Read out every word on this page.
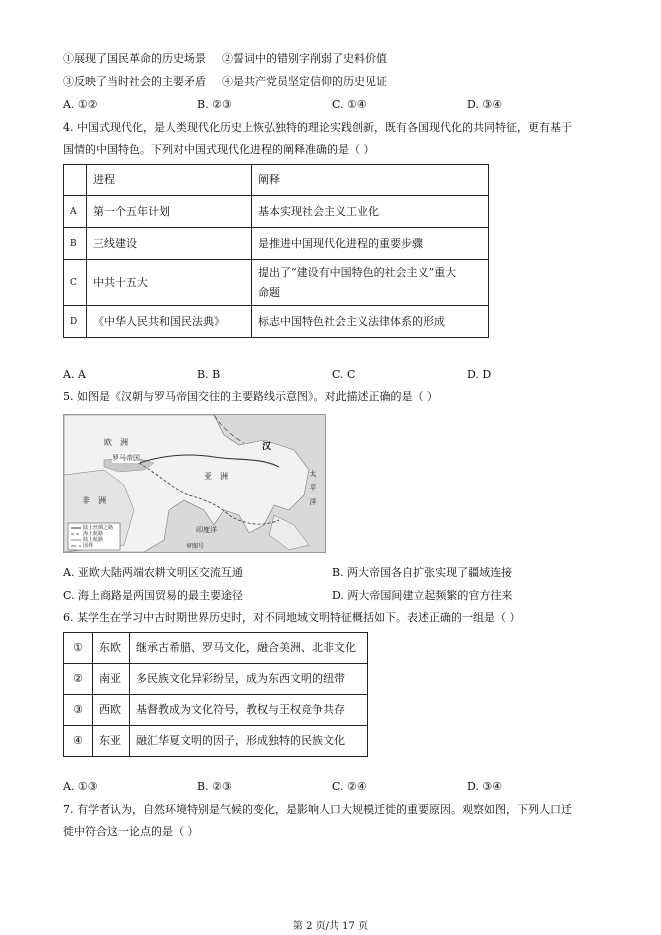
①展现了国民革命的历史场景 ②誓词中的错别字削弱了史料价值
③反映了当时社会的主要矛盾 ④是共产党员坚定信仰的历史见证
A. ①②	B. ②③	C. ①④	D. ③④
4. 中国式现代化，是人类现代化历史上恢弘独特的理论实践创新，既有各国现代化的共同特征，更有基于
国情的中国特色。下列对中国式现代化进程的阐释准确的是（ ）
	进程	阐释
A	第一个五年计划	基本实现社会主义工业化
B	三线建设	是推进中国现代化进程的重要步骤
C	中共十五大	提出了“建设有中国特色的社会主义”重大
命题

D	《中华人民共和国民法典》	标志中国特色社会主义法律体系的形成
A. A	B. B	C. C	D. D
5. 如图是《汉朝与罗马帝国交往的主要路线示意图》。对此描述正确的是（ ）
欧　洲
罗马帝国
汉
非　洲
亚　洲	太　平　洋
印度洋
陆上丝绸之路
海上航路
陆上航路
国界	审图号
A. 亚欧大陆两端农耕文明区交流互通	B. 两大帝国各自扩张实现了疆域连接
C. 海上商路是两国贸易的最主要途径	D. 两大帝国间建立起频繁的官方往来
6. 某学生在学习中古时期世界历史时，对不同地域文明特征概括如下。表述正确的一组是（ ）
①	东欧	继承古希腊、罗马文化，融合美洲、北非文化
②	南亚	多民族文化异彩纷呈，成为东西文明的纽带
③	西欧	基督教成为文化符号，教权与王权竞争共存
④	东亚	融汇华夏文明的因子，形成独特的民族文化
A. ①③	B. ②③	C. ②④	D. ③④
7. 有学者认为，自然环境特别是气候的变化，是影响人口大规模迁徙的重要原因。观察如图，下列人口迁
徙中符合这一论点的是（ ）
第 2 页/共 17 页
